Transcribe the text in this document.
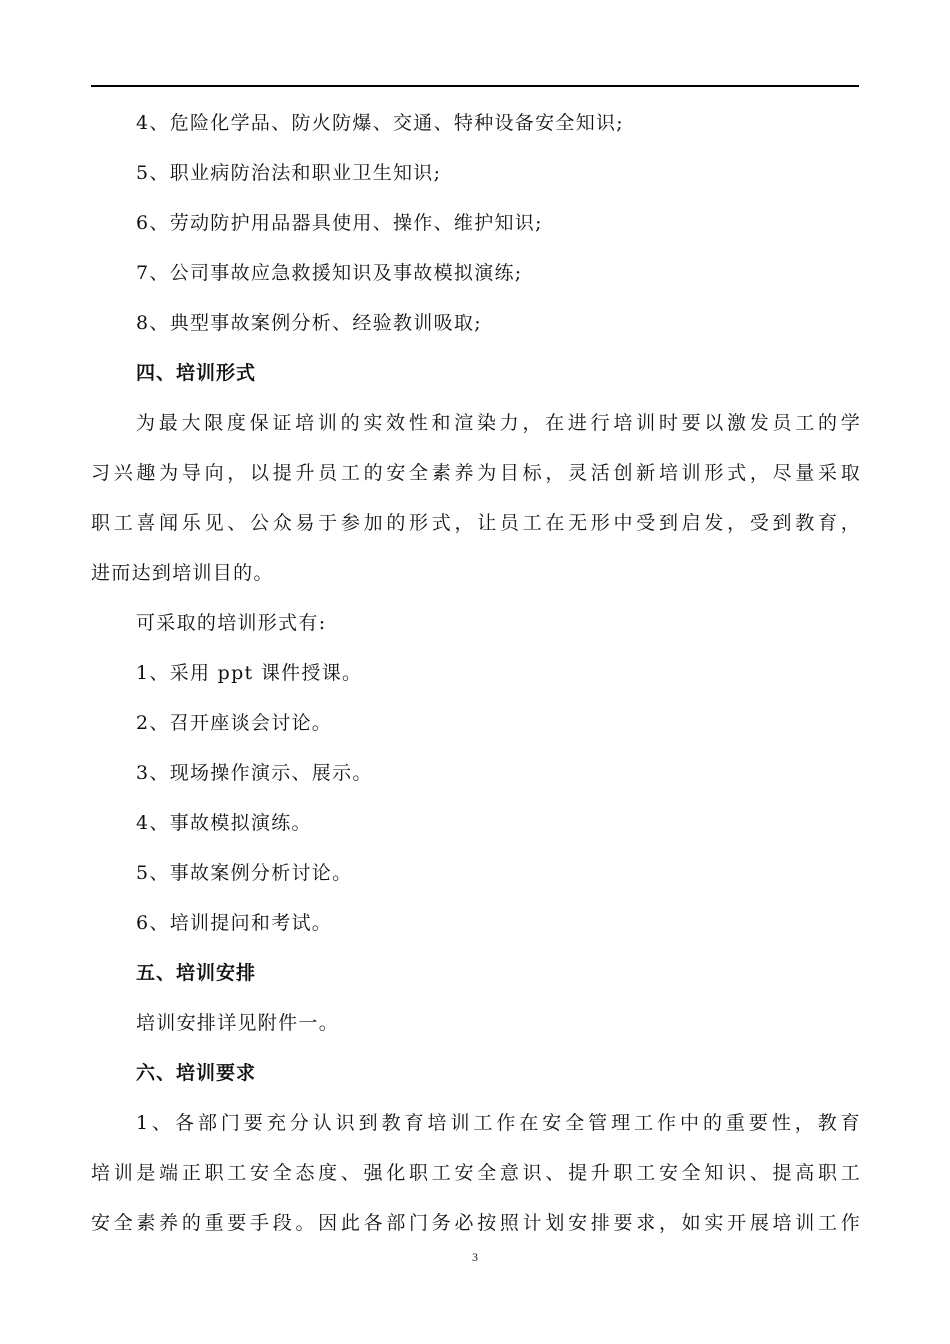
4、危险化学品、防火防爆、交通、特种设备安全知识;
5、职业病防治法和职业卫生知识;
6、劳动防护用品器具使用、操作、维护知识;
7、公司事故应急救援知识及事故模拟演练;
8、典型事故案例分析、经验教训吸取;
四、培训形式
为最大限度保证培训的实效性和渲染力，在进行培训时要以激发员工的学
习兴趣为导向，以提升员工的安全素养为目标，灵活创新培训形式，尽量采取
职工喜闻乐见、公众易于参加的形式，让员工在无形中受到启发，受到教育，
进而达到培训目的。
可采取的培训形式有:
1、采用 ppt 课件授课。
2、召开座谈会讨论。
3、现场操作演示、展示。
4、事故模拟演练。
5、事故案例分析讨论。
6、培训提问和考试。
五、培训安排
培训安排详见附件一。
六、培训要求
1、各部门要充分认识到教育培训工作在安全管理工作中的重要性，教育
培训是端正职工安全态度、强化职工安全意识、提升职工安全知识、提高职工
安全素养的重要手段。因此各部门务必按照计划安排要求，如实开展培训工作
3
